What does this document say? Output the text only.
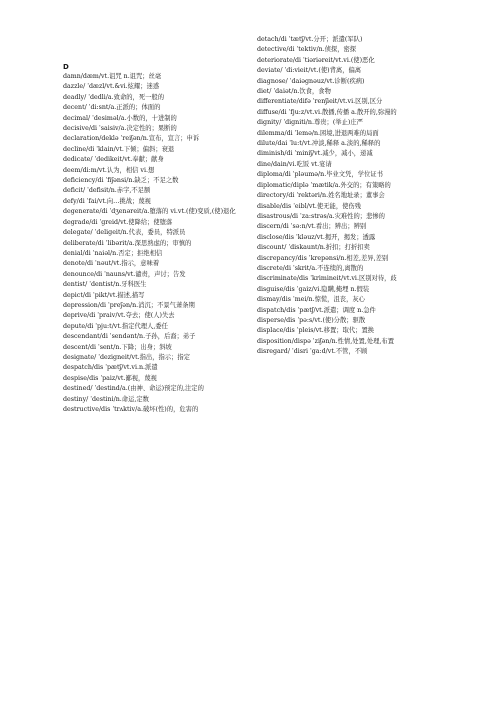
D

damn/dæm/vt.诅咒 n.诅咒；丝毫

dazzle/ ˈdæzl/vt.&vi.炫耀；迷惑

deadly/ ˈdedli/a.致命的，死一般的

decent/ ˈdi:snt/a.正派的；体面的

decimal/ ˈdesiməl/a.小数的，十进制的

decisive/di ˈsaisiv/a.决定性的；果断的

declaration/deklə ˈreiʃən/n.宣布，宣言；申诉

decline/di ˈklain/vt.下倾；偏斜；衰退

dedicate/ ˈdedikeit/vt.奉献；献身

deem/di:m/vt.认为，相信 vi.想

deficiency/di ˈfiʃənsi/n.缺乏；不足之数

deficit/ ˈdefisit/n.赤字,不足额

defy/di ˈfai/vt.向…挑战；蔑视

degenerate/di ˈdʒenəreit/a.堕落的 vi.vt.(使)变质,(使)退化

degrade/di ˈgreid/vt.使降给；使堕落

delegate/ ˈdeligeit/n.代表，委员，特派员

deliberate/di ˈlibərit/a.深思熟虑的；审慎的

denial/di ˈnaiəl/n.否定；拒绝相信

denote/di ˈnəut/vt.指示，意味着

denounce/di ˈnauns/vt.谴责，声讨；告发

dentist/ ˈdentist/n.牙科医生

depict/di ˈpikt/vt.描述,描写

depression/di ˈpreʃən/n.消沉；不景气萧条期

deprive/di ˈpraiv/vt.夺去；使(人)失去

depute/di ˈpju:t/vt.指定代理人,委任

descendant/di ˈsendənt/n.子孙，后裔；弟子

descent/di ˈsent/n.下降；出身；斜坡

designate/ ˈdezigneit/vt.指出，指示；指定

despatch/dis ˈpætʃ/vt.vi.n.派遣

despise/dis ˈpaiz/vt.鄙视，蔑视

destined/ ˈdestind/a.(由神、命运)预定的,注定的

destiny/ ˈdestini/n.命运,定数

destructive/dis ˈtrʌktiv/a.破坏(性)的，危害的

detach/di ˈtætʃ/vt.分开；派遣(军队)

detective/di ˈtektiv/n.侦探，密探

deteriorate/di ˈtiəriəreit/vt.vi.(使)恶化

deviate/ ˈdi:vieit/vt.(使)背离，偏离

diagnose/ ˈdaiəgnəuz/vt.诊断(疾病)

diet/ ˈdaiət/n.饮食，食物

differentiate/difə ˈrenʃieit/vt.vi.区别,区分

diffuse/di ˈfju:z/vt.vi.散播,传播 a.散开的,弥漫的

dignity/ ˈdigniti/n.尊贵；(举止)庄严

dilemma/di ˈlemə/n.困境,进退两难的局面

dilute/dai ˈlu:t/vt.冲淡,稀释 a.淡的,稀释的

diminish/di ˈminiʃ/vt.减少，减小，递减

dine/dain/vi.吃饭 vt.宴请

diploma/di ˈpləumə/n.毕业文凭，学位证书

diplomatic/diplə ˈmætik/a.外交的；有策略的

directory/di ˈrektəri/n.姓名地址录；董事会

disable/dis ˈeibl/vt.使无能，使伤残

disastrous/di ˈza:strəs/a.灾难性的；悲惨的

discern/di ˈsə:n/vt.看出；辨出；辨别

disclose/dis ˈkləuz/vt.揭开，揭发；透露

discount/ ˈdiskaunt/n.折扣；打折扣卖

discrepancy/dis ˈkrepənsi/n.相差,差异,差别

discrete/di ˈskrit/a.不连续的,离散的

discriminate/dis ˈkrimineit/vt.vi.区别对待，歧

disguise/dis ˈgaiz/vi.隐瞒,掩埋 n.假装

dismay/dis ˈmei/n.惊慌，沮丧，灰心

dispatch/dis ˈpætʃ/vt.派遣；调度 n.急件

disperse/dis ˈpə:s/vt.(使)分散；驱散

displace/dis ˈpleis/vt.移置；取代；置换

disposition/dispə ˈziʃən/n.性情,处置,处理,布置

disregard/ ˈdisri ˈga:d/vt.不管，不顾
